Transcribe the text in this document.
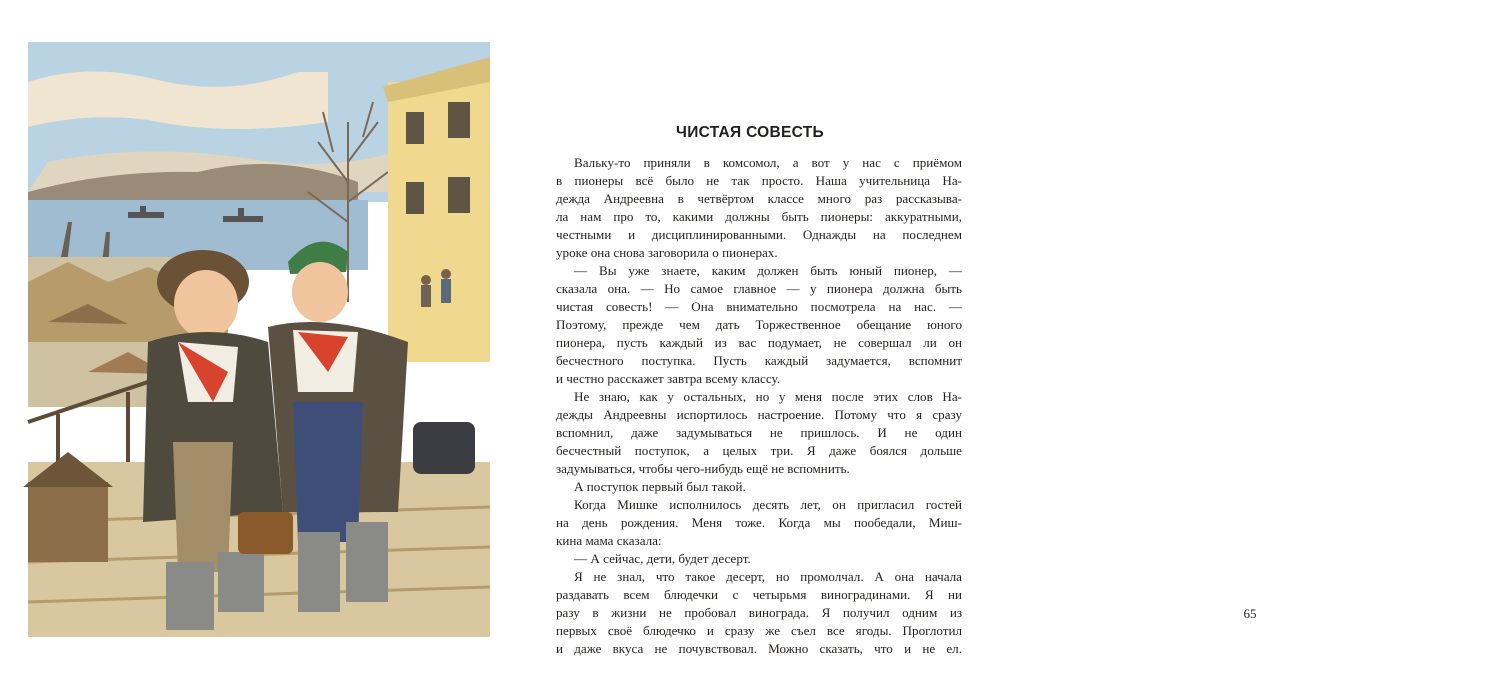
ЧИСТАЯ СОВЕСТЬ
65
Валькy-то приняли в комсомол, а вот у нас с приёмом
в пионеры всё было не так просто. Наша учительница На-
дежда Андреевна в четвёртом классе много раз рассказыва-
ла нам про то, какими должны быть пионеры: аккуратными,
честными и дисциплинированными. Однажды на последнем
уроке она снова заговорила о пионерах.
— Вы уже знаете, каким должен быть юный пионер, —
сказала она. — Но самое главное — у пионера должна быть
чистая совесть! — Она внимательно посмотрела на нас. —
Поэтому, прежде чем дать Торжественное обещание юного
пионера, пусть каждый из вас подумает, не совершал ли он
бесчестного поступка. Пусть каждый задумается, вспомнит
и честно расскажет завтра всему классу.
Не знаю, как у остальных, но у меня после этих слов На-
дежды Андреевны испортилось настроение. Потому что я сразу
вспомнил, даже задумываться не пришлось. И не один
бесчестный поступок, а целых три. Я даже боялся дольше
задумываться, чтобы чего-нибудь ещё не вспомнить.
А поступок первый был такой.
Когда Мишке исполнилось десять лет, он пригласил гостей
на день рождения. Меня тоже. Когда мы пообедали, Миш-
кина мама сказала:
— А сейчас, дети, будет десерт.
Я не знал, что такое десерт, но промолчал. А она начала
раздавать всем блюдечки с четырьмя виноградинами. Я ни
разу в жизни не пробовал винограда. Я получил одним из
первых своё блюдечко и сразу же съел все ягоды. Проглотил
и даже вкуса не почувствовал. Можно сказать, что и не ел.
